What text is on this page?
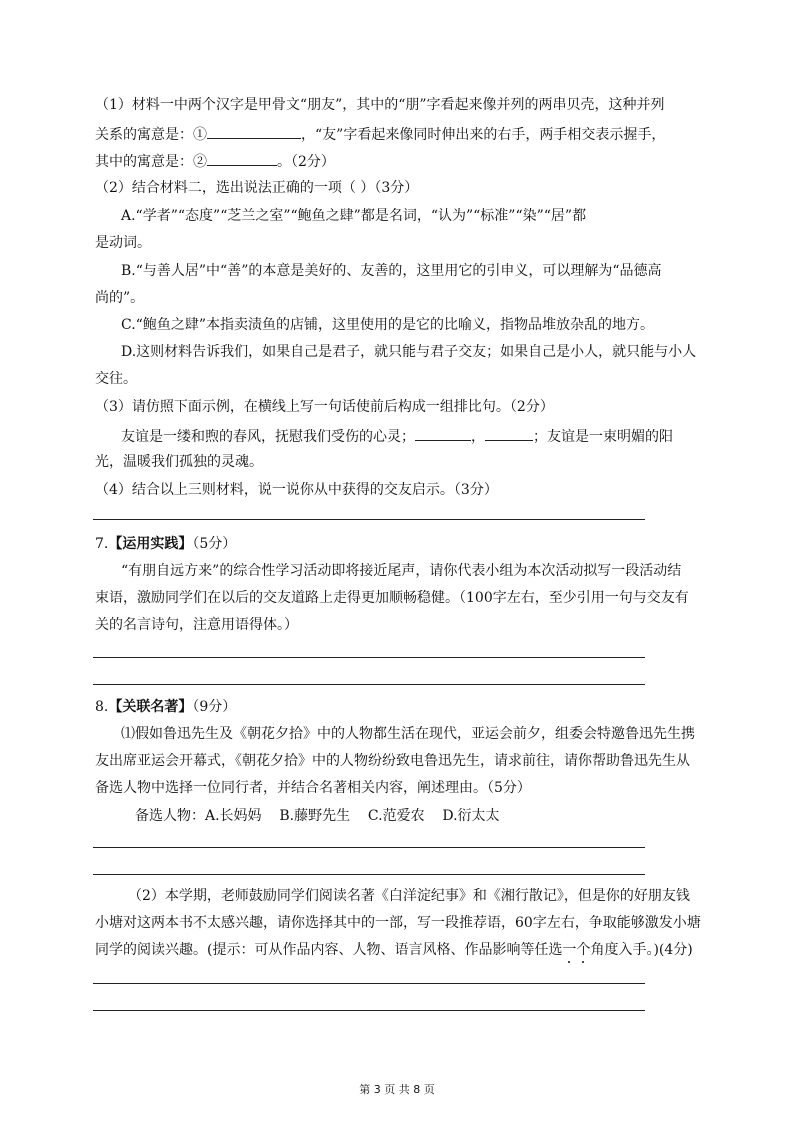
（1）材料一中两个汉字是甲骨文“朋友”，其中的“朋”字看起来像并列的两串贝壳，这种并列
关系的寓意是：①	，“友”字看起来像同时伸出来的右手，两手相交表示握手，
其中的寓意是：②	。（2分）
（2）结合材料二，选出说法正确的一项（ ）（3分）
A.“学者”“态度”“芝兰之室”“鲍鱼之肆”都是名词，“认为”“标准”“染”“居”都
是动词。
B.“与善人居”中“善”的本意是美好的、友善的，这里用它的引申义，可以理解为“品德高
尚的”。
C.“鲍鱼之肆”本指卖渍鱼的店铺，这里使用的是它的比喻义，指物品堆放杂乱的地方。
D.这则材料告诉我们，如果自己是君子，就只能与君子交友；如果自己是小人，就只能与小人
交往。
（3）请仿照下面示例，在横线上写一句话使前后构成一组排比句。（2分）
友谊是一缕和煦的春风，抚慰我们受伤的心灵；	，	；友谊是一束明媚的阳
光，温暖我们孤独的灵魂。
（4）结合以上三则材料，说一说你从中获得的交友启示。（3分）
7.【运用实践】（5分）
“有朋自远方来”的综合性学习活动即将接近尾声，请你代表小组为本次活动拟写一段活动结
束语，激励同学们在以后的交友道路上走得更加顺畅稳健。（100字左右，至少引用一句与交友有
关的名言诗句，注意用语得体。）
8.【关联名著】（9分）
⑴假如鲁迅先生及《朝花夕拾》中的人物都生活在现代，亚运会前夕，组委会特邀鲁迅先生携
友出席亚运会开幕式，《朝花夕拾》中的人物纷纷致电鲁迅先生，请求前往，请你帮助鲁迅先生从
备选人物中选择一位同行者，并结合名著相关内容，阐述理由。（5分）
备选人物：A.长妈妈    B.藤野先生    C.范爱农    D.衍太太
（2）本学期，老师鼓励同学们阅读名著《白洋淀纪事》和《湘行散记》，但是你的好朋友钱
小塘对这两本书不太感兴趣，请你选择其中的一部，写一段推荐语，60字左右，争取能够激发小塘
同学的阅读兴趣。(提示：可从作品内容、人物、语言风格、作品影响等任选一个角度入手。)(4分)
第 3 页 共 8 页
